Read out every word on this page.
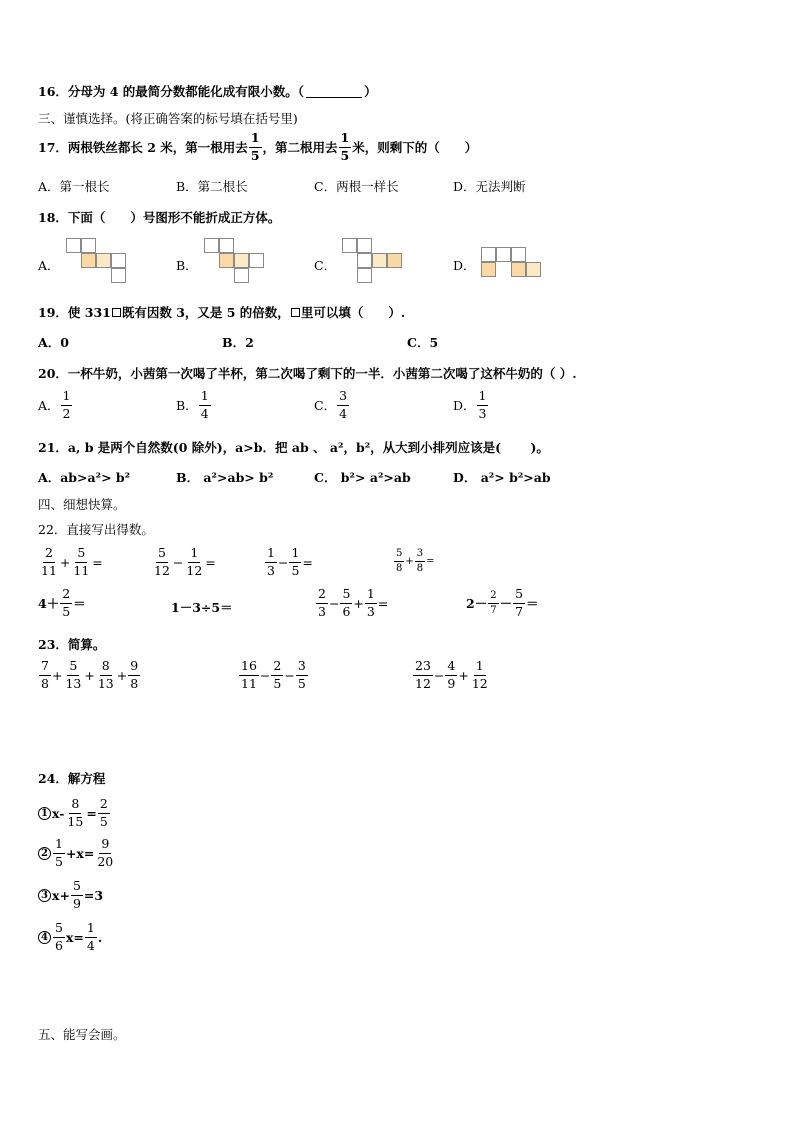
16． 分母为 4 的最简分数都能化成有限小数。（	）
三、谨慎选择。(将正确答案的标号填在括号里)
17． 两根铁丝都长 2 米，第一根用去 $\frac{1}{5}$ ，第二根用去 $\frac{1}{5}$ 米，则剩下的（　　）
A．第一根长	B．第二根长	C．两根一样长	D．无法判断
18． 下面（　　）号图形不能折成正方体。
A．	B．	C．	D．
19． 使 331 既有因数 3，又是 5 的倍数， 里可以填（　　）.
A．0	B．2	C．5
20． 一杯牛奶，小茜第一次喝了半杯，第二次喝了剩下的一半．小茜第二次喝了这杯牛奶的（ ）.
A． $\frac{1}{2}$	B． $\frac{1}{4}$	C． $\frac{3}{4}$	D． $\frac{1}{3}$
21． a, b 是两个自然数(0 除外)，a>b．把 ab 、 a²，b²，从大到小排列应该是(　　 )。
A．ab>a²> b²	B． a²>ab> b²	C． b²> a²>ab	D． a²> b²>ab
四、细想快算。
22． 直接写出得数。
$\frac{2}{11} + \frac{5}{11}$ =	$\frac{5}{12} - \frac{1}{12}$ =	$\frac{1}{3} - \frac{1}{5}$ =	$\frac{5}{8} + \frac{3}{8}$ =
$4+ \frac{2}{5}$ ＝	1－3÷5＝	$\frac{2}{3} - \frac{5}{6} + \frac{1}{3}$ =	$2- \frac{2}{7} - \frac{5}{7}$ ＝
23． 简算。
$\frac{7}{8} + \frac{5}{13} + \frac{8}{13} + \frac{9}{8}$	$\frac{16}{11} - \frac{2}{5} - \frac{3}{5}$	$\frac{23}{12} - \frac{4}{9} + \frac{1}{12}$
24． 解方程
1 $x- \frac{8}{15} = \frac{2}{5}$
$2 \frac{1}{5} +x= \frac{9}{20}$
3 $x+ \frac{5}{9} =3$
$4 \frac{5}{6} x= \frac{1}{4}$ .
五、能写会画。
